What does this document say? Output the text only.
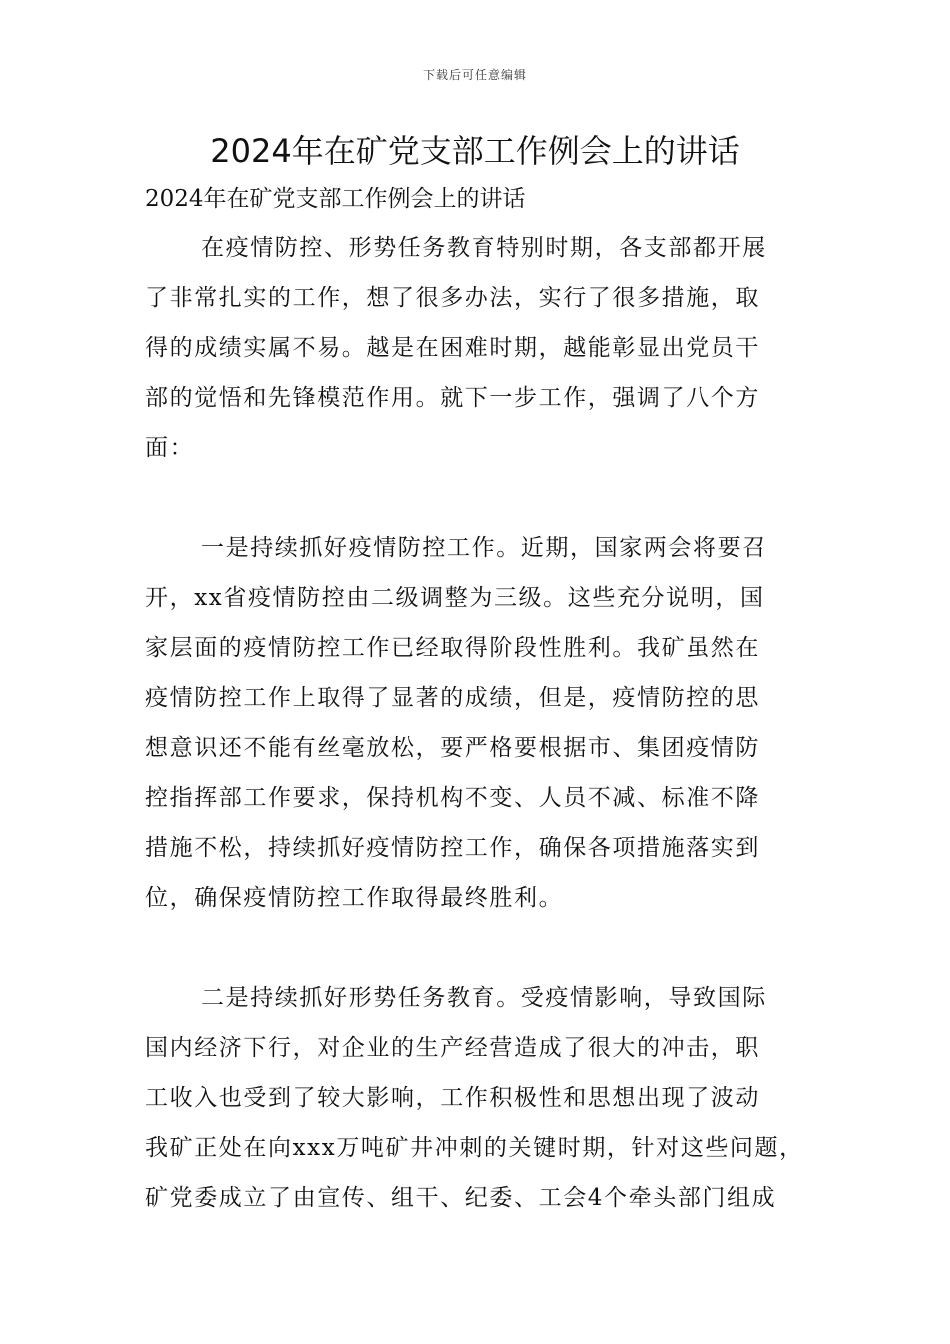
下载后可任意编辑
2024年在矿党支部工作例会上的讲话

2024年在矿党支部工作例会上的讲话

在疫情防控、形势任务教育特别时期，各支部都开展
了非常扎实的工作，想了很多办法，实行了很多措施，取
得的成绩实属不易。越是在困难时期，越能彰显出党员干
部的觉悟和先锋模范作用。就下一步工作，强调了八个方
面：
一是持续抓好疫情防控工作。近期，国家两会将要召
开，xx省疫情防控由二级调整为三级。这些充分说明，国
家层面的疫情防控工作已经取得阶段性胜利。我矿虽然在
疫情防控工作上取得了显著的成绩，但是，疫情防控的思
想意识还不能有丝毫放松，要严格要根据市、集团疫情防
控指挥部工作要求，保持机构不变、人员不减、标准不降
措施不松，持续抓好疫情防控工作，确保各项措施落实到
位，确保疫情防控工作取得最终胜利。
二是持续抓好形势任务教育。受疫情影响，导致国际
国内经济下行，对企业的生产经营造成了很大的冲击，职
工收入也受到了较大影响，工作积极性和思想出现了波动
我矿正处在向xxx万吨矿井冲刺的关键时期，针对这些问题，
矿党委成立了由宣传、组干、纪委、工会4个牵头部门组成
